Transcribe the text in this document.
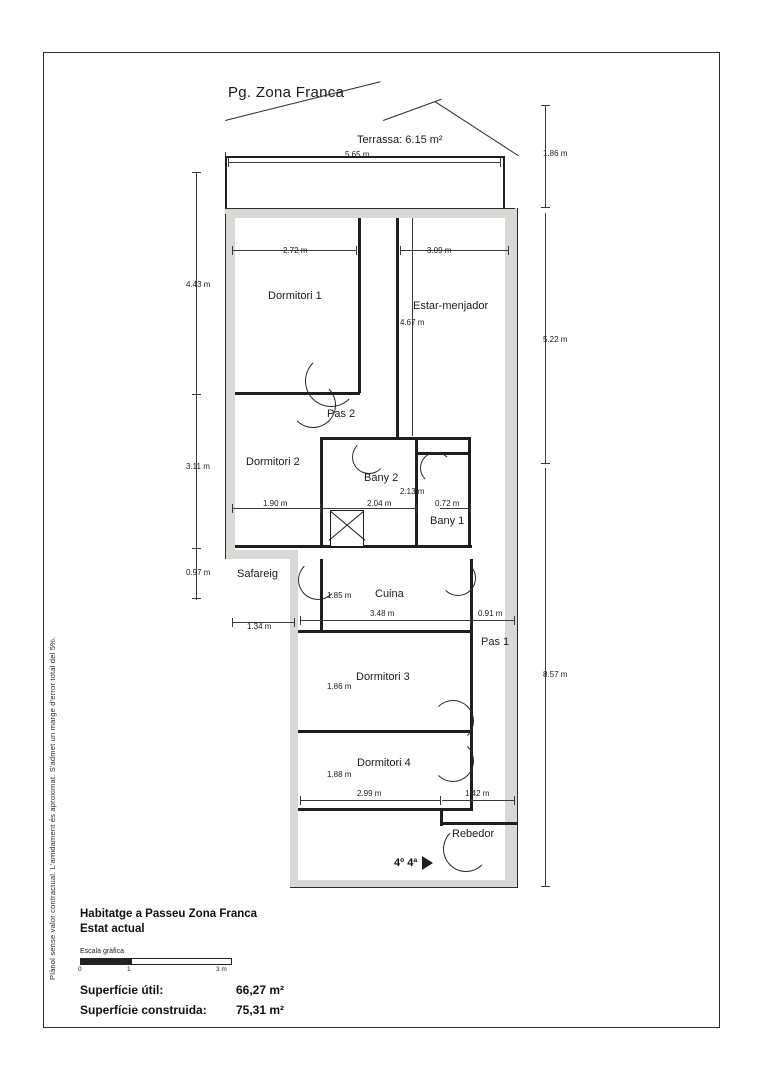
Plànol sense valor contractual. L'amidament és aproximat. S'admet un marge d'error total del 5%.
Pg. Zona Franca
Terrassa: 6.15 m²
Dormitori 1
Estar-menjador
Pas 2
Dormitori 2
Bany 2
Bany 1
Safareig
Cuina
Pas 1
Dormitori 3
Dormitori 4
Rebedor
5.65 m
2.72 m	3.09 m
4.67 m
4.43 m
3.11 m
0.97 m
1.90 m	2.04 m
2.13 m
0.72 m
1.34 m
1.85 m
3.48 m	0.91 m
1.86 m
1.88 m
2.99 m	1.42 m
1.86 m
5.22 m
8.57 m
4º 4ª
Habitatge a Passeu Zona Franca
Estat actual
Escala gràfica
0	1	3 m
Superfície útil:	66,27 m²
Superfície construida: 75,31 m²
